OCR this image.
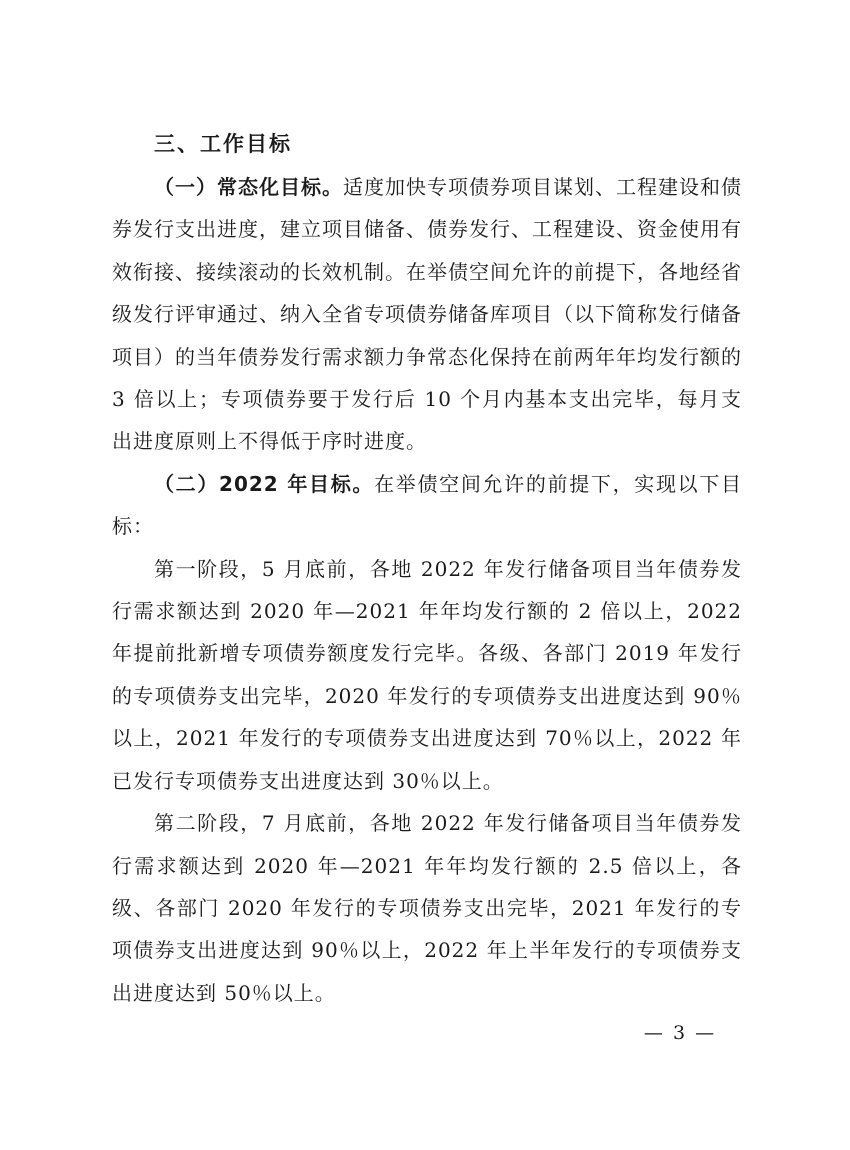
三、工作目标

（一）常态化目标。适度加快专项债券项目谋划、工程建设和债券发行支出进度，建立项目储备、债券发行、工程建设、资金使用有效衔接、接续滚动的长效机制。在举债空间允许的前提下，各地经省级发行评审通过、纳入全省专项债券储备库项目（以下简称发行储备项目）的当年债券发行需求额力争常态化保持在前两年年均发行额的 3 倍以上；专项债券要于发行后 10 个月内基本支出完毕，每月支出进度原则上不得低于序时进度。

（二）2022 年目标。在举债空间允许的前提下，实现以下目标：

第一阶段，5 月底前，各地 2022 年发行储备项目当年债券发行需求额达到 2020 年—2021 年年均发行额的 2 倍以上，2022 年提前批新增专项债券额度发行完毕。各级、各部门 2019 年发行的专项债券支出完毕，2020 年发行的专项债券支出进度达到 90％以上，2021 年发行的专项债券支出进度达到 70％以上，2022 年已发行专项债券支出进度达到 30％以上。

第二阶段，7 月底前，各地 2022 年发行储备项目当年债券发行需求额达到 2020 年—2021 年年均发行额的 2.5 倍以上，各级、各部门 2020 年发行的专项债券支出完毕，2021 年发行的专项债券支出进度达到 90％以上，2022 年上半年发行的专项债券支出进度达到 50％以上。

— 3 —
